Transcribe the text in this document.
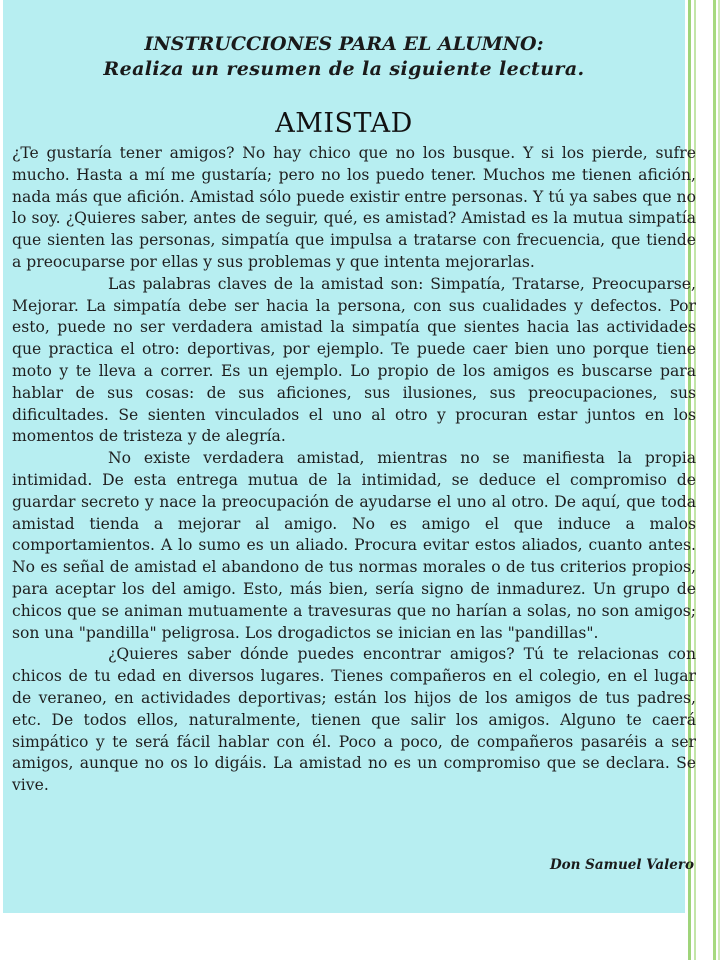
INSTRUCCIONES PARA EL ALUMNO:
Realiza un resumen de la siguiente lectura.
AMISTAD

¿Te gustaría tener amigos? No hay chico que no los busque. Y si los pierde, sufre mucho. Hasta a mí me gustaría; pero no los puedo tener. Muchos me tienen afición, nada más que afición. Amistad sólo puede existir entre personas. Y tú ya sabes que no lo soy. ¿Quieres saber, antes de seguir, qué, es amistad? Amistad es la mutua simpatía que sienten las personas, simpatía que impulsa a tratarse con frecuencia, que tiende a preocuparse por ellas y sus problemas y que intenta mejorarlas.

Las palabras claves de la amistad son: Simpatía, Tratarse, Preocuparse, Mejorar. La simpatía debe ser hacia la persona, con sus cualidades y defectos. Por esto, puede no ser verdadera amistad la simpatía que sientes hacia las actividades que practica el otro: deportivas, por ejemplo. Te puede caer bien uno porque tiene moto y te lleva a correr. Es un ejemplo. Lo propio de los amigos es buscarse para hablar de sus cosas: de sus aficiones, sus ilusiones, sus preocupaciones, sus dificultades. Se sienten vinculados el uno al otro y procuran estar juntos en los momentos de tristeza y de alegría.

No existe verdadera amistad, mientras no se manifiesta la propia intimidad. De esta entrega mutua de la intimidad, se deduce el compromiso de guardar secreto y nace la preocupación de ayudarse el uno al otro. De aquí, que toda amistad tienda a mejorar al amigo. No es amigo el que induce a malos comportamientos. A lo sumo es un aliado. Procura evitar estos aliados, cuanto antes. No es señal de amistad el abandono de tus normas morales o de tus criterios propios, para aceptar los del amigo. Esto, más bien, sería signo de inmadurez. Un grupo de chicos que se animan mutuamente a travesuras que no harían a solas, no son amigos; son una "pandilla" peligrosa. Los drogadictos se inician en las "pandillas".

¿Quieres saber dónde puedes encontrar amigos? Tú te relacionas con chicos de tu edad en diversos lugares. Tienes compañeros en el colegio, en el lugar de veraneo, en actividades deportivas; están los hijos de los amigos de tus padres, etc. De todos ellos, naturalmente, tienen que salir los amigos. Alguno te caerá simpático y te será fácil hablar con él. Poco a poco, de compañeros pasaréis a ser amigos, aunque no os lo digáis. La amistad no es un compromiso que se declara. Se vive.

Don Samuel Valero
